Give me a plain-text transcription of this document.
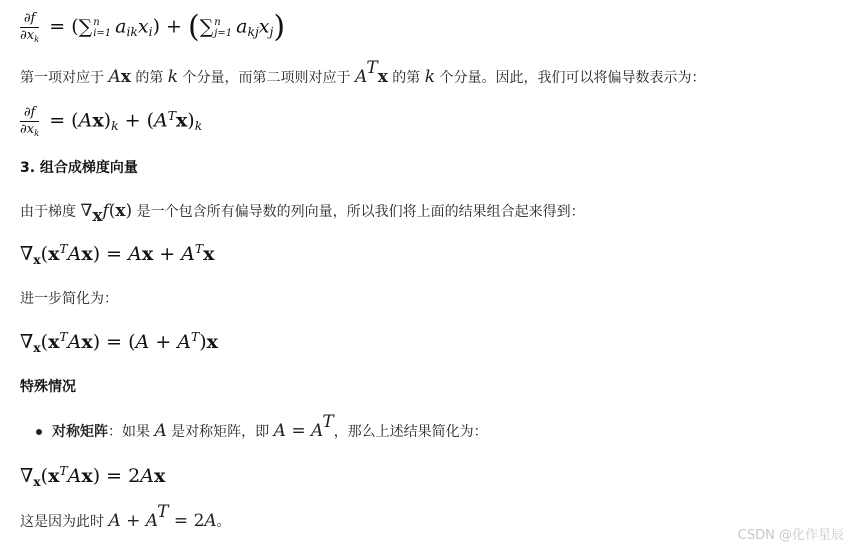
$\frac{\partial f}{\partial x_k}$ = (∑ n
i=1 $a_{ik}x_i$) + (∑ n
j=1 $a_{kj}x_j$)
第一项对应于 Ax 的第 k 个分量，而第二项则对应于 $A^Tx$ 的第 k 个分量。因此，我们可以将偏导数表示为：
$\frac{\partial f}{\partial x_k} = (Ax)_k + (A^Tx)_k$
3. 组合成梯度向量
由于梯度 $\nabla_xf(x)$ 是一个包含所有偏导数的列向量，所以我们将上面的结果组合起来得到：
$\nabla_x(x^TAx) = Ax + A^Tx$
进一步简化为：
$\nabla_x(x^TAx) = (A + A^T)x$
特殊情况
对称矩阵：如果 A 是对称矩阵，即 $A = A^T$，那么上述结果简化为：
$\nabla_x(x^TAx) = 2Ax$
这是因为此时 $A + A^T = 2A$。
CSDN @化作星辰
